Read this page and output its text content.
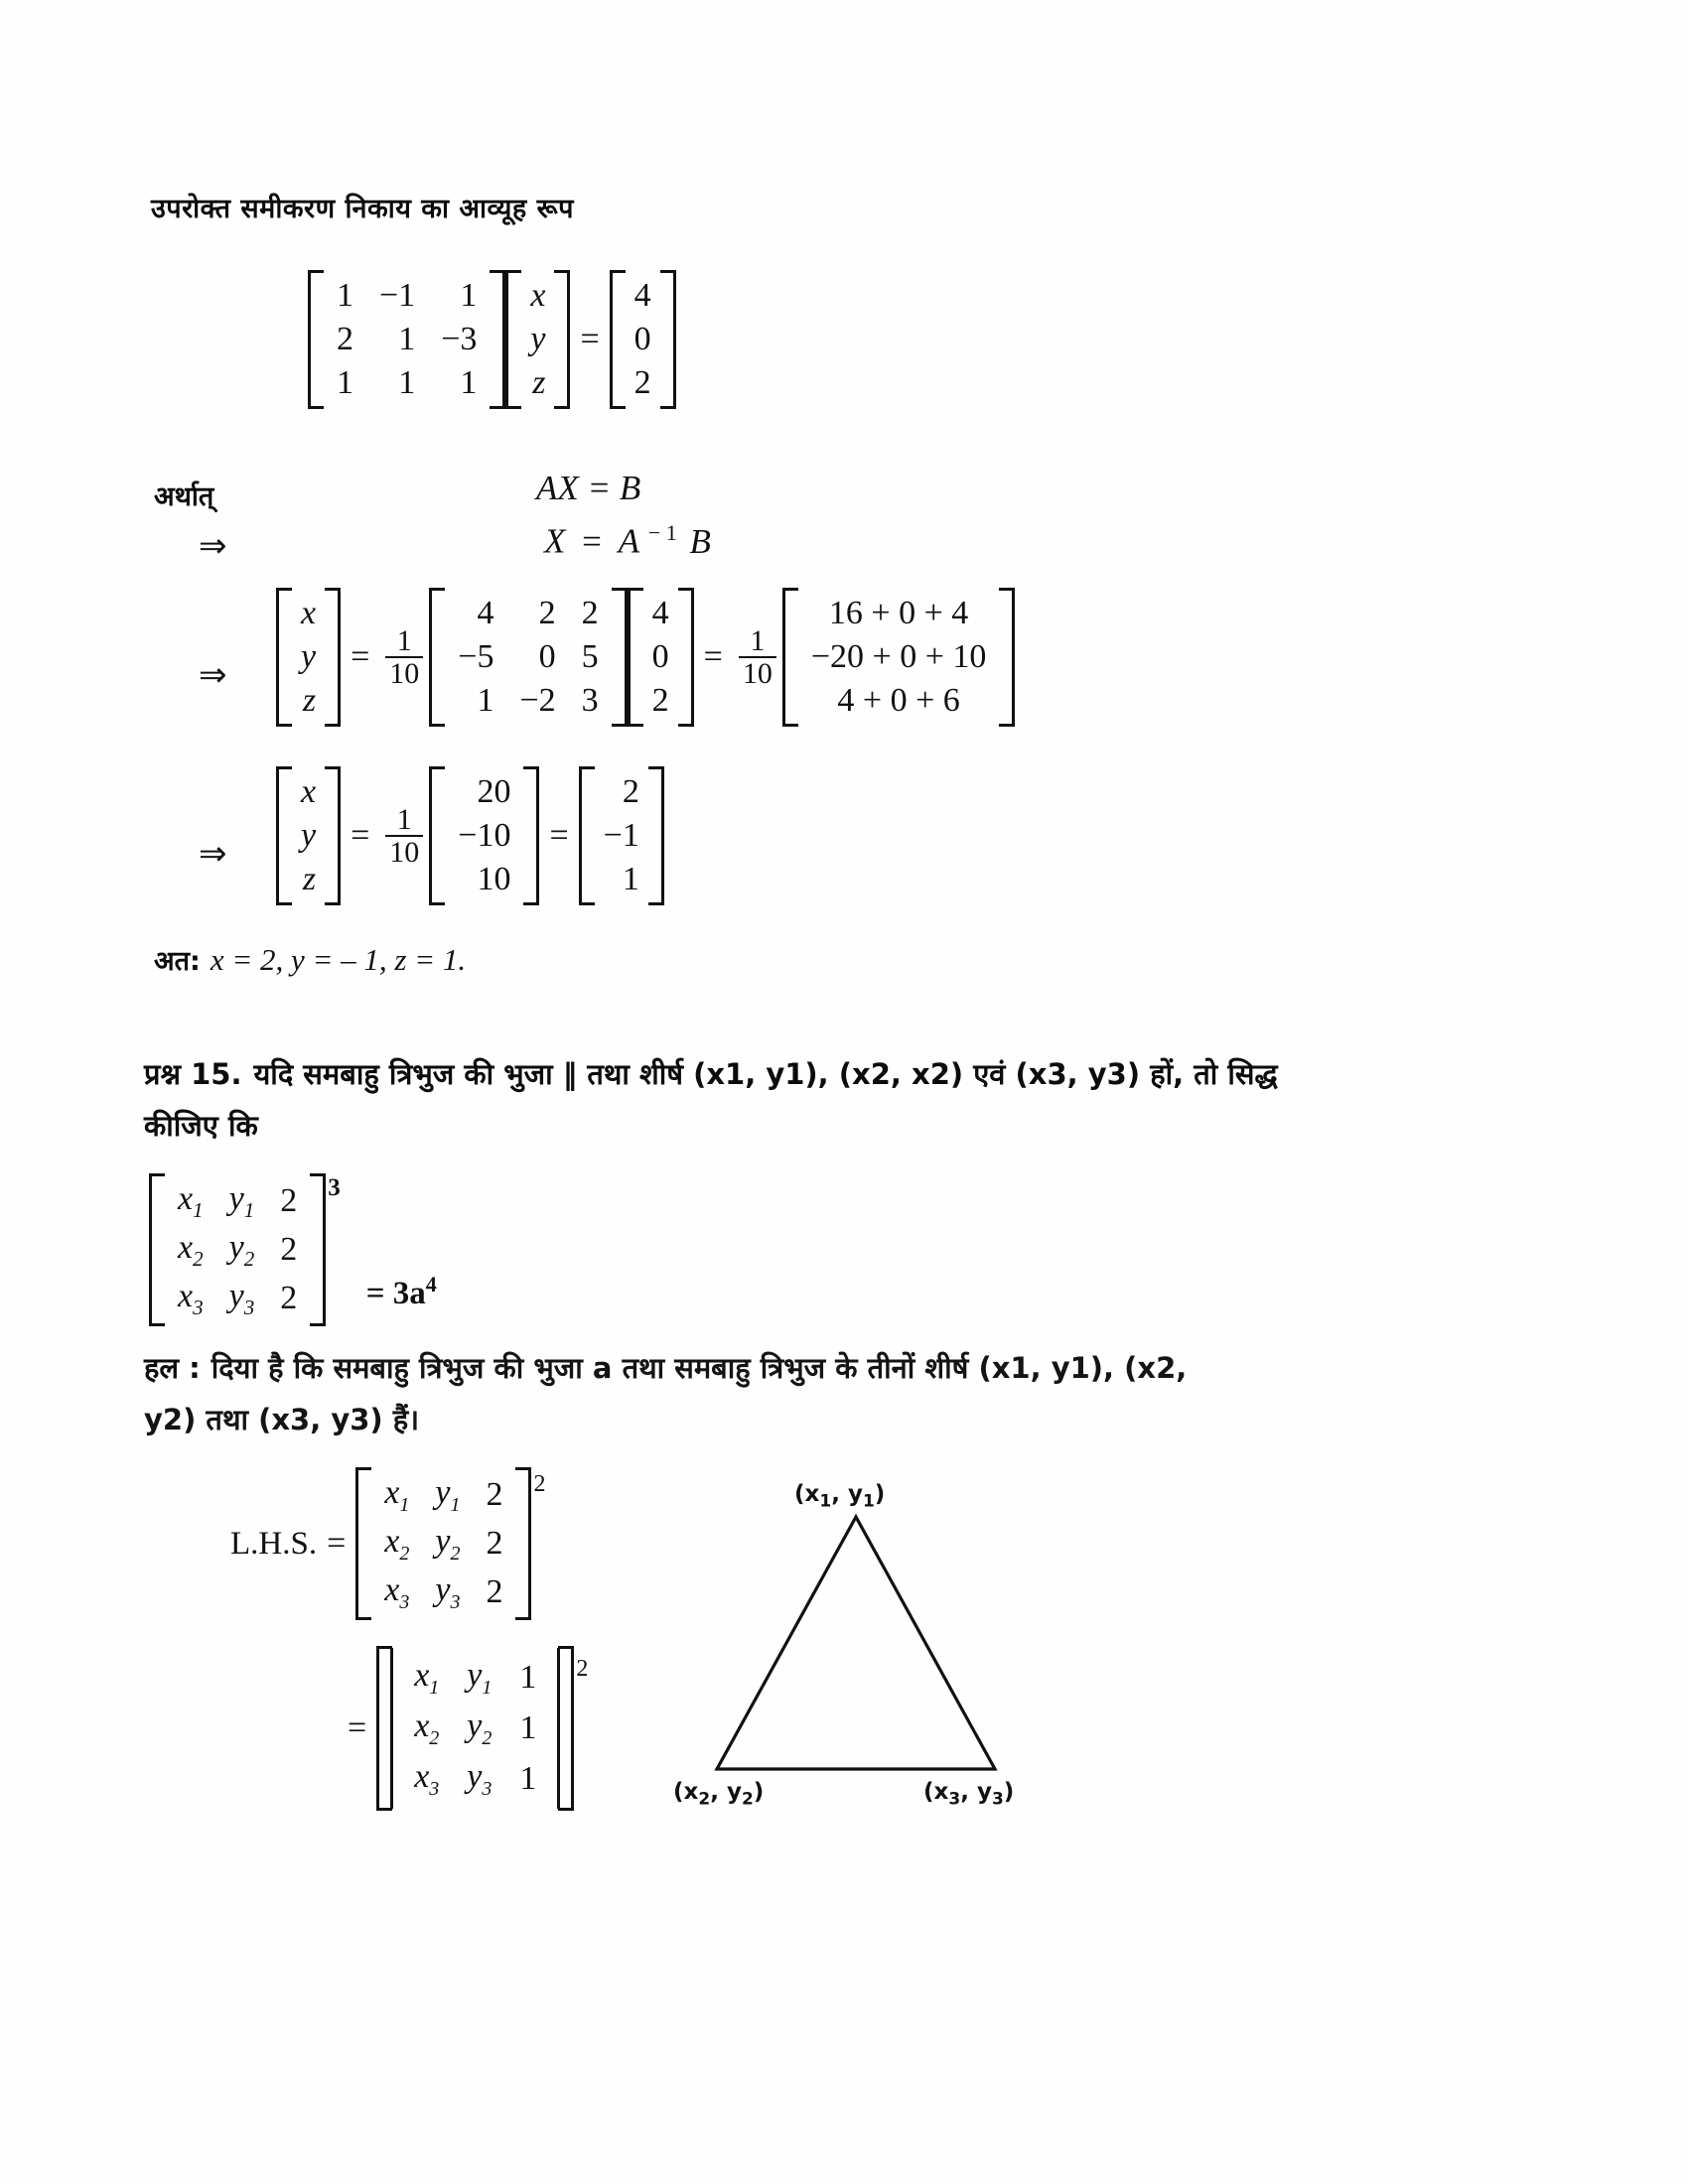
उपरोक्त समीकरण निकाय का आव्यूह रूप
1	−1	1
2	1	−3
1	1	1
x
y
z
=
4
0
2
अर्थात्	AX = B
⇒	X = A $^{- 1}$ B
⇒
x
y
z
= $\frac{1}{10}$
4	2	2
−5	0	5
1	−2	3
4
0
2
= $\frac{1}{10}$
16 + 0 + 4
−20 + 0 + 10
4 + 0 + 6
⇒
x
y
z
= $\frac{1}{10}$
20
−10
10
=
2
−1
1
अत: x = 2, y = – 1, z = 1.
प्रश्न 15. यदि समबाहु त्रिभुज की भुजा ‖ तथा शीर्ष (x1, y1), (x2, x2) एवं (x3, y3) हों, तो सिद्ध
कीजिए कि
$x_1$	$y_1$	2
$x_2$	$y_2$	2
$x_3$	$y_3$	2
3
= $3a^4$
हल : दिया है कि समबाहु त्रिभुज की भुजा a तथा समबाहु त्रिभुज के तीनों शीर्ष (x1, y1), (x2,
y2) तथा (x3, y3) हैं।
L.H.S. =
$x_1$	$y_1$	2
$x_2$	$y_2$	2
$x_3$	$y_3$	2
2
=
$x_1$	$y_1$	1
$x_2$	$y_2$	1
$x_3$	$y_3$	1
2
($x_1$, $y_1$)
($x_2$, $y_2$)	($x_3$, $y_3$)
